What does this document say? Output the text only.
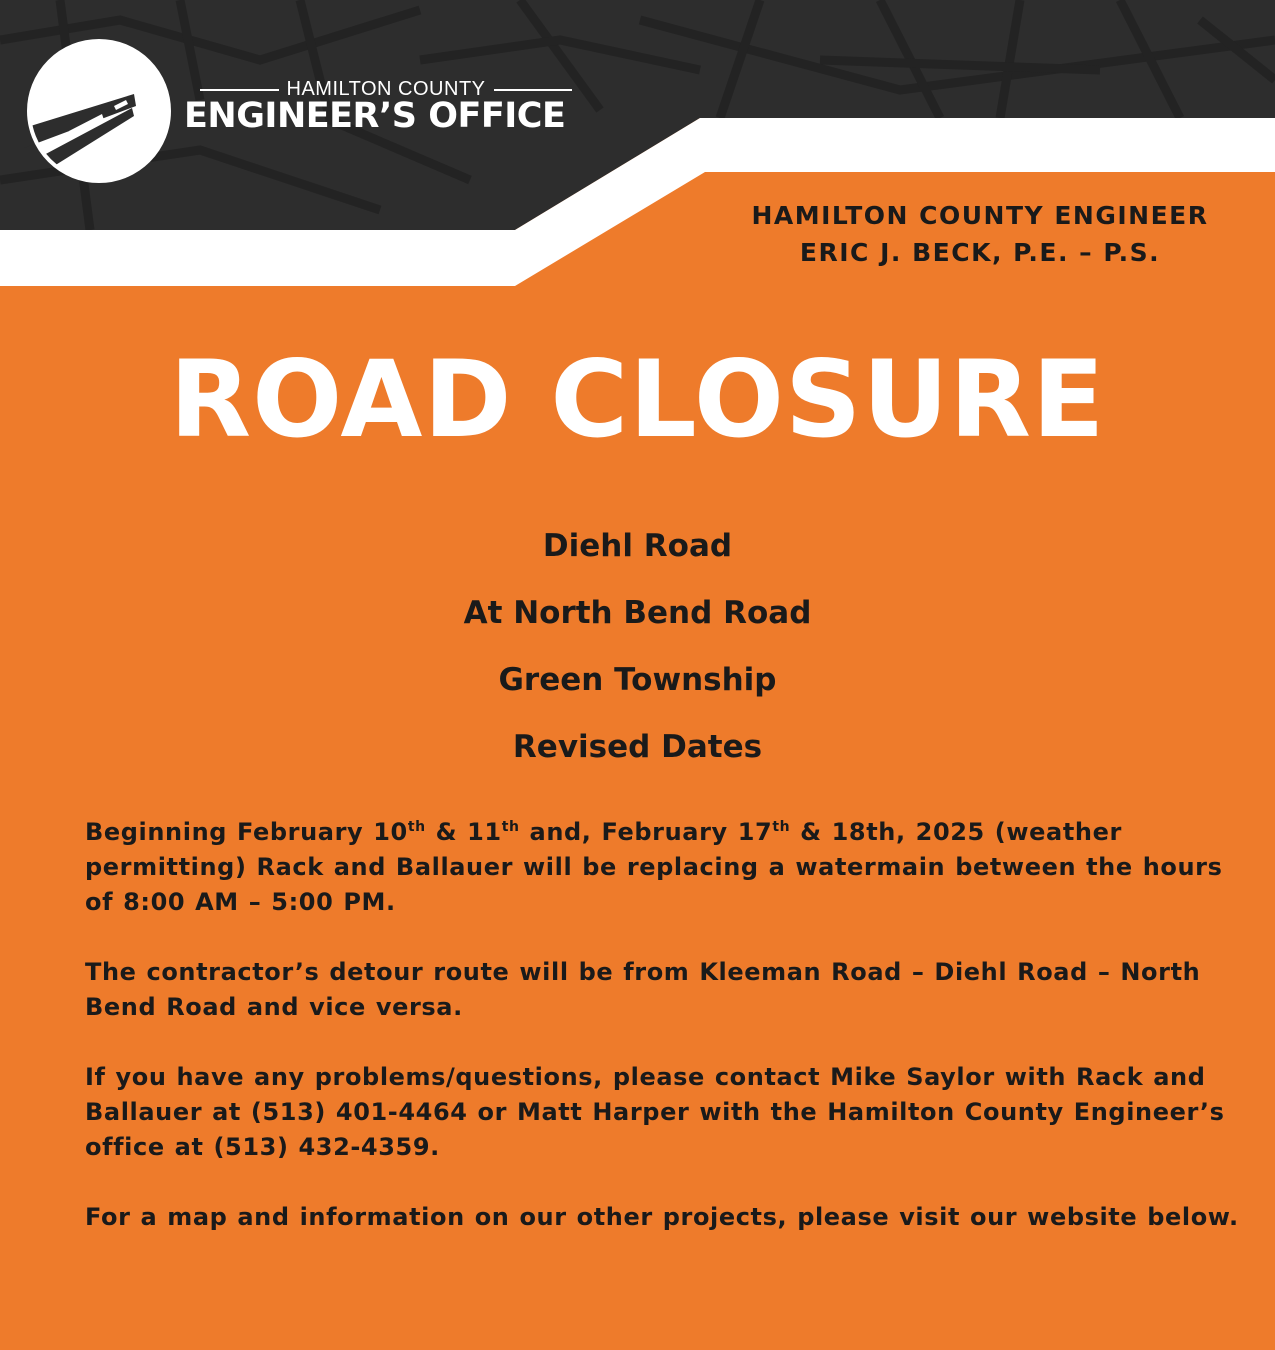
HAMILTON COUNTY
ENGINEER’S OFFICE
HAMILTON COUNTY ENGINEER
ERIC J. BECK, P.E. – P.S.
ROAD CLOSURE
Diehl Road
At North Bend Road
Green Township
Revised Dates

Beginning February 10th & 11th and, February 17th & 18th, 2025 (weather permitting) Rack and Ballauer will be replacing a watermain between the hours of 8:00 AM – 5:00 PM.

The contractor’s detour route will be from Kleeman Road – Diehl Road – North Bend Road and vice versa.

If you have any problems/questions, please contact Mike Saylor with Rack and Ballauer at (513) 401-4464 or Matt Harper with the Hamilton County Engineer’s office at (513) 432-4359.

For a map and information on our other projects, please visit our website below.
